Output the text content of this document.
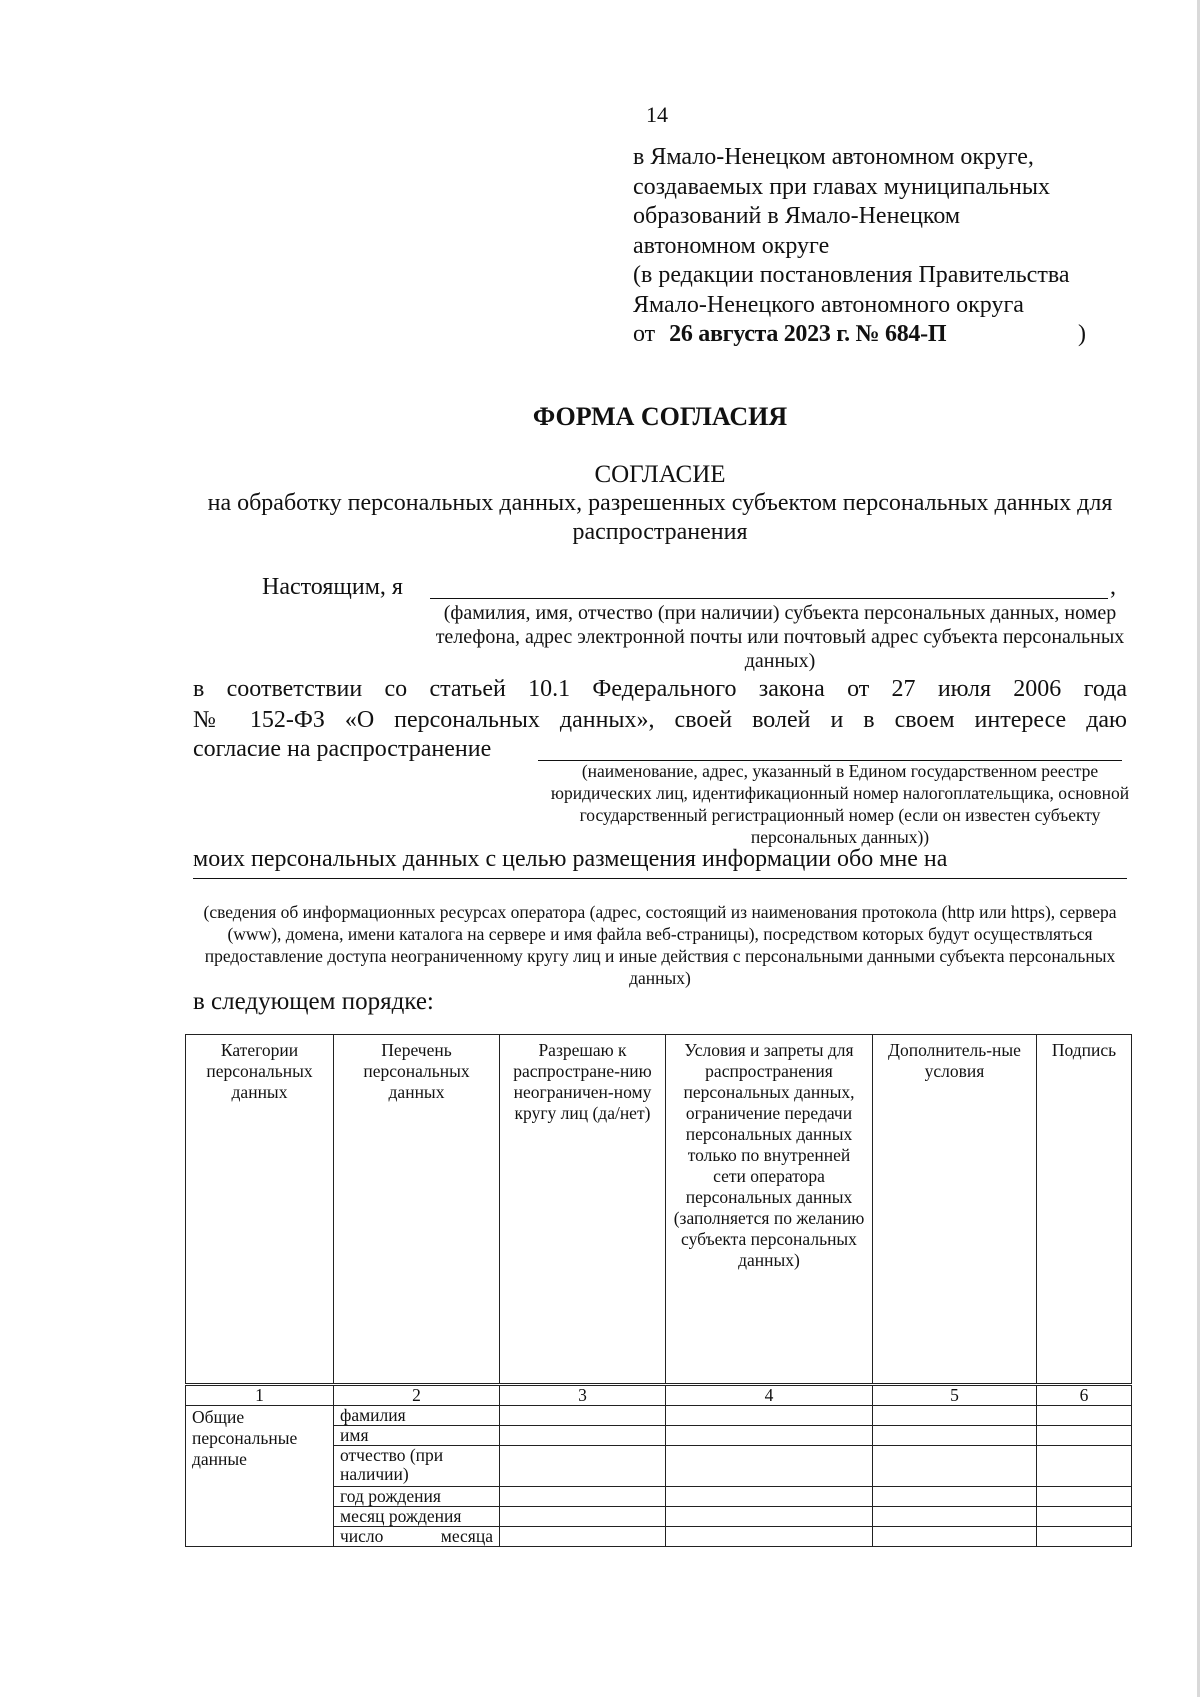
14
в Ямало-Ненецком автономном округе,
создаваемых при главах муниципальных
образований в Ямало-Ненецком
автономном округе
(в редакции постановления Правительства
Ямало-Ненецкого автономного округа
от 26 августа 2023 г. № 684-П	)
ФОРМА СОГЛАСИЯ
СОГЛАСИЕ
на обработку персональных данных, разрешенных субъектом персональных данных для распространения
Настоящим, я	,
(фамилия, имя, отчество (при наличии) субъекта персональных данных, номер телефона, адрес электронной почты или почтовый адрес субъекта персональных данных)
в соответствии со статьей 10.1 Федерального закона от 27 июля 2006 года
№ 152-ФЗ «О персональных данных», своей волей и в своем интересе даю
согласие на распространение
(наименование, адрес, указанный в Едином государственном реестре юридических лиц, идентификационный номер налогоплательщика, основной государственный регистрационный номер (если он известен субъекту персональных данных))
моих персональных данных с целью размещения информации обо мне на
(сведения об информационных ресурсах оператора (адрес, состоящий из наименования протокола (http или https), сервера (www), домена, имени каталога на сервере и имя файла веб-страницы), посредством которых будут осуществляться предоставление доступа неограниченному кругу лиц и иные действия с персональными данными субъекта персональных данных)
в следующем порядке:
Категории персональных данных	Перечень персональных данных	Разрешаю к распростране-нию неограничен-ному кругу лиц (да/нет)	Условия и запреты для распространения персональных данных, ограничение передачи персональных данных только по внутренней сети оператора персональных данных (заполняется по желанию субъекта персональных данных)	Дополнитель-ные условия	Подпись
1	2	3	4	5	6
Общие персональные данные	фамилия				
	имя				
	отчество (при наличии)				
	год рождения				
	месяц рождения				

	число месяца				
